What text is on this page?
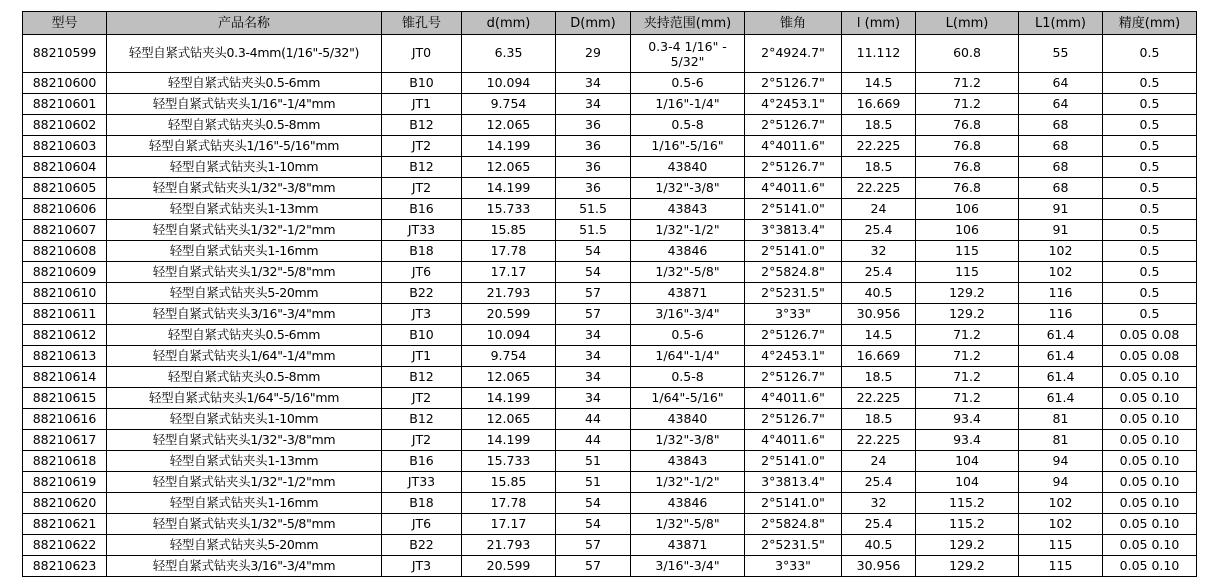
型号	产品名称	锥孔号	d(mm)	D(mm)	夹持范围(mm)	锥角	l (mm)	L(mm)	L1(mm)	精度(mm)
88210599	轻型自紧式钻夹头0.3-4mm(1/16"-5/32")	JT0	6.35	29	0.3-4 1/16" - 5/32"	2°4924.7"	11.112	60.8	55	0.5
88210600	轻型自紧式钻夹头0.5-6mm	B10	10.094	34	0.5-6	2°5126.7"	14.5	71.2	64	0.5
88210601	轻型自紧式钻夹头1/16"-1/4"mm	JT1	9.754	34	1/16"-1/4"	4°2453.1"	16.669	71.2	64	0.5
88210602	轻型自紧式钻夹头0.5-8mm	B12	12.065	36	0.5-8	2°5126.7"	18.5	76.8	68	0.5
88210603	轻型自紧式钻夹头1/16"-5/16"mm	JT2	14.199	36	1/16"-5/16"	4°4011.6"	22.225	76.8	68	0.5
88210604	轻型自紧式钻夹头1-10mm	B12	12.065	36	43840	2°5126.7"	18.5	76.8	68	0.5
88210605	轻型自紧式钻夹头1/32"-3/8"mm	JT2	14.199	36	1/32"-3/8"	4°4011.6"	22.225	76.8	68	0.5
88210606	轻型自紧式钻夹头1-13mm	B16	15.733	51.5	43843	2°5141.0"	24	106	91	0.5
88210607	轻型自紧式钻夹头1/32"-1/2"mm	JT33	15.85	51.5	1/32"-1/2"	3°3813.4"	25.4	106	91	0.5
88210608	轻型自紧式钻夹头1-16mm	B18	17.78	54	43846	2°5141.0"	32	115	102	0.5
88210609	轻型自紧式钻夹头1/32"-5/8"mm	JT6	17.17	54	1/32"-5/8"	2°5824.8"	25.4	115	102	0.5
88210610	轻型自紧式钻夹头5-20mm	B22	21.793	57	43871	2°5231.5"	40.5	129.2	116	0.5
88210611	轻型自紧式钻夹头3/16"-3/4"mm	JT3	20.599	57	3/16"-3/4"	3°33"	30.956	129.2	116	0.5
88210612	轻型自紧式钻夹头0.5-6mm	B10	10.094	34	0.5-6	2°5126.7"	14.5	71.2	61.4	0.05 0.08
88210613	轻型自紧式钻夹头1/64"-1/4"mm	JT1	9.754	34	1/64"-1/4"	4°2453.1"	16.669	71.2	61.4	0.05 0.08
88210614	轻型自紧式钻夹头0.5-8mm	B12	12.065	34	0.5-8	2°5126.7"	18.5	71.2	61.4	0.05 0.10
88210615	轻型自紧式钻夹头1/64"-5/16"mm	JT2	14.199	34	1/64"-5/16"	4°4011.6"	22.225	71.2	61.4	0.05 0.10
88210616	轻型自紧式钻夹头1-10mm	B12	12.065	44	43840	2°5126.7"	18.5	93.4	81	0.05 0.10
88210617	轻型自紧式钻夹头1/32"-3/8"mm	JT2	14.199	44	1/32"-3/8"	4°4011.6"	22.225	93.4	81	0.05 0.10
88210618	轻型自紧式钻夹头1-13mm	B16	15.733	51	43843	2°5141.0"	24	104	94	0.05 0.10
88210619	轻型自紧式钻夹头1/32"-1/2"mm	JT33	15.85	51	1/32"-1/2"	3°3813.4"	25.4	104	94	0.05 0.10
88210620	轻型自紧式钻夹头1-16mm	B18	17.78	54	43846	2°5141.0"	32	115.2	102	0.05 0.10
88210621	轻型自紧式钻夹头1/32"-5/8"mm	JT6	17.17	54	1/32"-5/8"	2°5824.8"	25.4	115.2	102	0.05 0.10
88210622	轻型自紧式钻夹头5-20mm	B22	21.793	57	43871	2°5231.5"	40.5	129.2	115	0.05 0.10
88210623	轻型自紧式钻夹头3/16"-3/4"mm	JT3	20.599	57	3/16"-3/4"	3°33"	30.956	129.2	115	0.05 0.10
